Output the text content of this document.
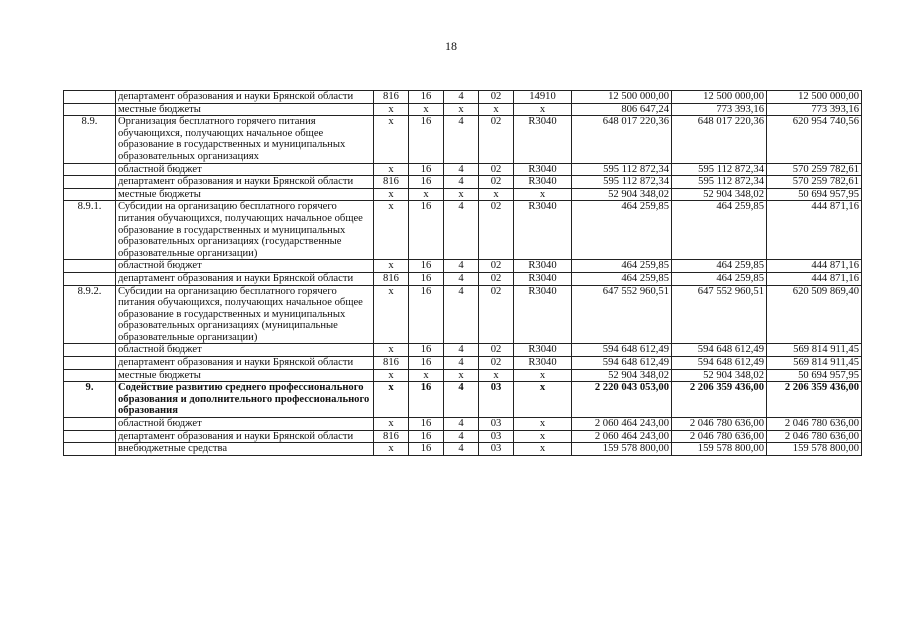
18
	департамент образования и науки Брянской области	816	16	4	02	14910	12 500 000,00	12 500 000,00	12 500 000,00
	местные бюджеты	х	х	х	х	х	806 647,24	773 393,16	773 393,16
8.9.	Организация бесплатного горячего питания обучающихся, получающих начальное общее образование в государственных и муниципальных образовательных организациях	х	16	4	02	R3040	648 017 220,36	648 017 220,36	620 954 740,56
	областной бюджет	х	16	4	02	R3040	595 112 872,34	595 112 872,34	570 259 782,61
	департамент образования и науки Брянской области	816	16	4	02	R3040	595 112 872,34	595 112 872,34	570 259 782,61
	местные бюджеты	х	х	х	х	х	52 904 348,02	52 904 348,02	50 694 957,95
8.9.1.	Субсидии на организацию бесплатного горячего питания обучающихся, получающих начальное общее образование в государственных и муниципальных образовательных организациях (государственные образовательные организации)	х	16	4	02	R3040	464 259,85	464 259,85	444 871,16
	областной бюджет	х	16	4	02	R3040	464 259,85	464 259,85	444 871,16
	департамент образования и науки Брянской области	816	16	4	02	R3040	464 259,85	464 259,85	444 871,16
8.9.2.	Субсидии на организацию бесплатного горячего питания обучающихся, получающих начальное общее образование в государственных и муниципальных образовательных организациях (муниципальные образовательные организации)	х	16	4	02	R3040	647 552 960,51	647 552 960,51	620 509 869,40
	областной бюджет	х	16	4	02	R3040	594 648 612,49	594 648 612,49	569 814 911,45
	департамент образования и науки Брянской области	816	16	4	02	R3040	594 648 612,49	594 648 612,49	569 814 911,45
	местные бюджеты	х	х	х	х	х	52 904 348,02	52 904 348,02	50 694 957,95
9.	Содействие развитию среднего профессионального образования и дополнительного профессионального образования	х	16	4	03	х	2 220 043 053,00	2 206 359 436,00	2 206 359 436,00
	областной бюджет	х	16	4	03	х	2 060 464 243,00	2 046 780 636,00	2 046 780 636,00
	департамент образования и науки Брянской области	816	16	4	03	х	2 060 464 243,00	2 046 780 636,00	2 046 780 636,00
	внебюджетные средства	х	16	4	03	х	159 578 800,00	159 578 800,00	159 578 800,00
